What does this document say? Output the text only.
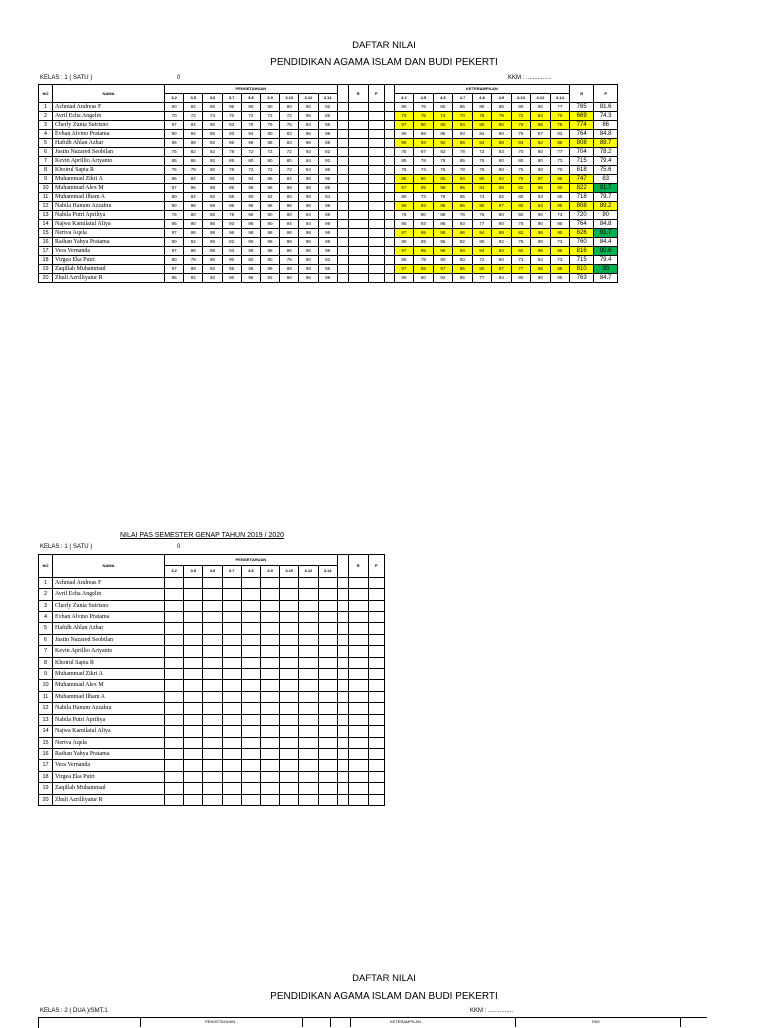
DAFTAR NILAI
PENDIDIKAN AGAMA ISLAM DAN BUDI PEKERTI
KELAS : 1 ( SATU )	0	KKM : ...............
NO	NAMA	PENGETAHUAN										R	P		KETERAMPILAN									R	P
		3.2	3.5	3.6	3.7	3.8	3.9	3.10	3.12	3.14					4.2	4.5	4.6	4.7	4.8	4.9	4.10	4.12	4.14		
1	Achmad Andreas F	90	92	86	96	90	90	80	90	92					80	76	80	86	80	86	80	90	77	785	81.6
2	Avril Echa Angelin	70	72	74	70	72	72	72	95	86					70	75	74	70	75	79	72	84	70	669	74.3
3	Cherly Zunia Sutrisno	97	94	90	93	75	75	75	84	98					97	90	90	93	80	80	75	96	75	774	86
4	Evhan Alvino Pratama	90	94	85	93	94	80	83	96	98					90	88	85	93	84	80	75	87	82	764	84.8
5	Hafidh Ahlan Azhar	95	98	92	96	98	88	83	98	98					95	93	92	96	84	88	83	92	85	808	89.7
6	Justin Nazared Seobilan	75	82	82	78	72	72	72	92	82					75	87	82	78	72	83	70	80	77	704	78.2
7	Kevin Aprillio Ariyanto	85	86	92	85	80	80	80	94	92					85	78	78	85	76	80	80	80	73	715	79.4
8	Khoirul Sapta R	75	78	80	78	72	72	72	94	96					75	73	76	78	76	80	75	80	70	618	75.6
9	Muhammad Zikri A	85	84	90	93	94	86	94	98	96					85	80	80	93	80	82	75	87	85	747	83
10	Muhammad Alex M	97	96	98	96	98	98	98	98	98					97	95	98	96	84	88	82	96	90	822	91.7
11	Muhammad Ilham A	80	84	92	85	90	92	80	98	94					80	73	76	85	74	82	80	83	85	718	79.7
12	Nabila Hanum Azzahra	90	98	98	96	98	98	98	98	98					90	93	98	96	80	87	80	94	85	808	89.2
13	Nabila Putri Apriliya	75	80	88	78	96	90	90	94	98					75	80	88	78	76	80	80	90	73	720	80
14	Najwa Kamilatul Aliya	85	90	86	93	96	90	94	94	98					85	93	86	93	77	80	75	90	85	764	84.8
15	Neriva Aqela	97	98	98	96	98	98	98	98	98					97	95	98	96	84	88	82	96	90	826	91.7
16	Raihan Yahya Pratama	90	84	96	82	90	98	98	96	98					90	89	96	82	80	82	78	90	73	760	84.4
17	Vera Vernanda	97	98	98	93	98	98	96	96	98					97	95	98	93	84	84	82	98	85	816	90.6
18	Virgea Eka Putri	80	78	90	90	82	80	75	90	92					85	78	90	80	72	80	73	84	73	715	79.4
19	Zaqillah Muhammad	97	98	92	96	98	98	98	98	98					97	95	97	96	80	87	77	96	85	810	90
20	Zhuli Azrilliyatur R	85	92	92	90	96	92	90	96	98					90	80	92	85	77	84	80	90	85	763	84.7
NILAI PAS SEMESTER GENAP TAHUN 2019 / 2020
KELAS : 1 ( SATU )	0
NO	NAMA	PENGETAHUAN										R	P
		3.2	3.5	3.6	3.7	3.8	3.9	3.10	3.12	3.14			
1	Achmad Andreas F												
2	Avril Echa Angelin												
3	Cherly Zunia Sutrisno												
4	Evhan Alvino Pratama												
5	Hafidh Ahlan Azhar												
6	Justin Nazared Seobilan												
7	Kevin Aprillio Ariyanto												
8	Khoirul Sapta R												
9	Muhammad Zikri A												
10	Muhammad Alex M												
11	Muhammad Ilham A												
12	Nabila Hanum Azzahra												
13	Nabila Putri Apriliya												
14	Najwa Kamilatul Aliya												
15	Neriva Aqela												
16	Raihan Yahya Pratama												
17	Vera Vernanda												
18	Virgea Eka Putri												
19	Zaqillah Muhammad												
20	Zhuli Azrilliyatur R												
DAFTAR NILAI
PENDIDIKAN AGAMA ISLAM DAN BUDI PEKERTI
KELAS : 2 ( DUA )/SMT.1	KKM : ...............
PENGETAHUAN	KETERAMPILAN	PAS
